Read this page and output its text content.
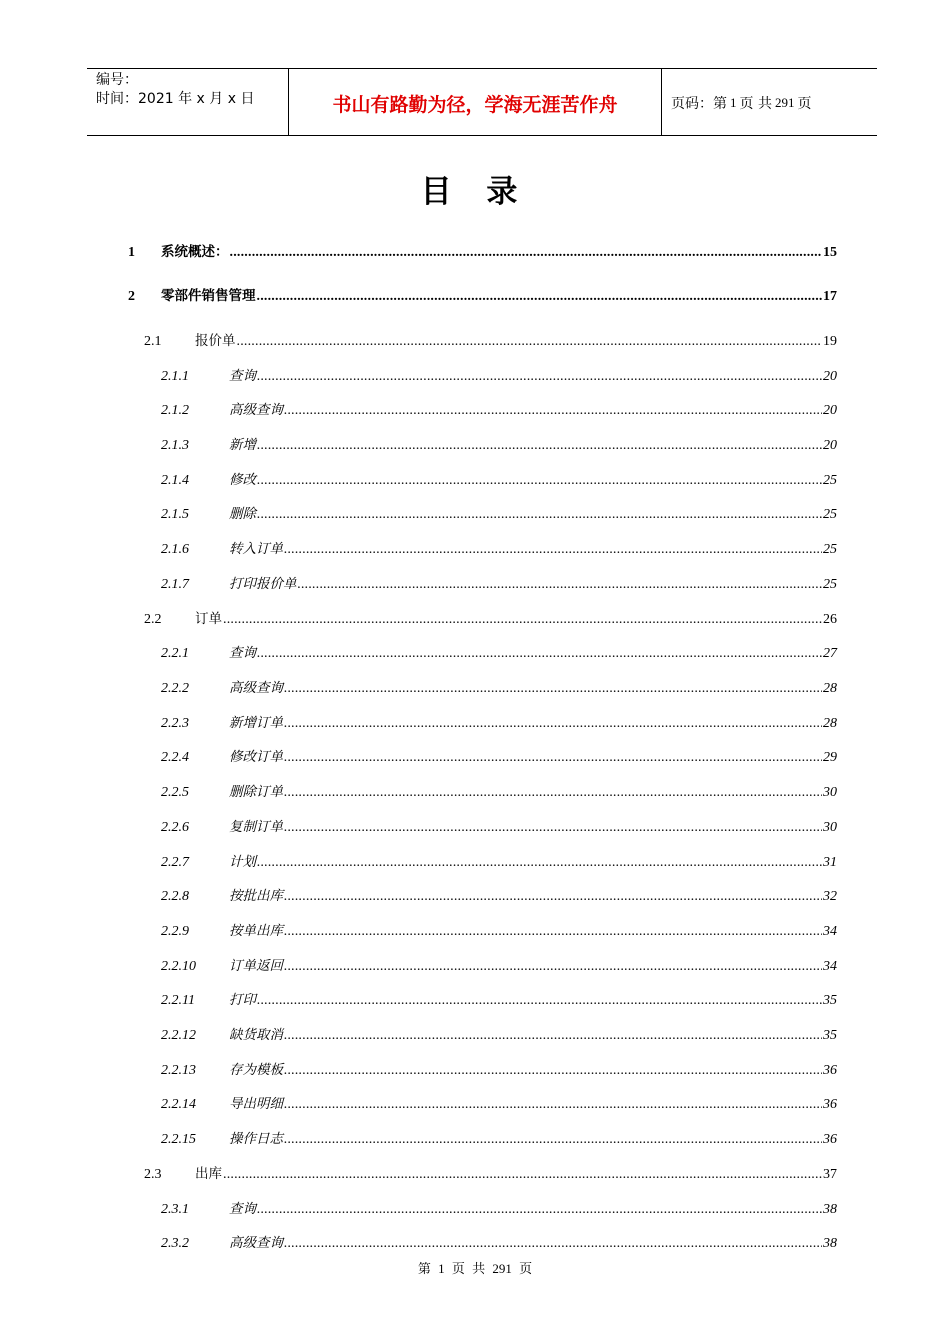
编号：
时间：2021 年 x 月 x 日	书山有路勤为径，学海无涯苦作舟	页码：第 1 页 共 291 页
目 录
1	系统概述： .....	15
2	零部件销售管理 .....	17
2.1	报价单 .....	19
2.1.1	查询 .....	20
2.1.2	高级查询 .....	20
2.1.3	新增 .....	20
2.1.4	修改 .....	25
2.1.5	删除 .....	25
2.1.6	转入订单 .....	25
2.1.7	打印报价单 .....	25
2.2	订单 .....	26
2.2.1	查询 .....	27
2.2.2	高级查询 .....	28
2.2.3	新增订单 .....	28
2.2.4	修改订单 .....	29
2.2.5	删除订单 .....	30
2.2.6	复制订单 .....	30
2.2.7	计划 .....	31
2.2.8	按批出库 .....	32
2.2.9	按单出库 .....	34
2.2.10	订单返回 .....	34
2.2.11	打印 .....	35
2.2.12	缺货取消 .....	35
2.2.13	存为模板 .....	36
2.2.14	导出明细 .....	36
2.2.15	操作日志 .....	36
2.3	出库 .....	37
2.3.1	查询 .....	38
2.3.2	高级查询 .....	38
第 1 页 共 291 页
